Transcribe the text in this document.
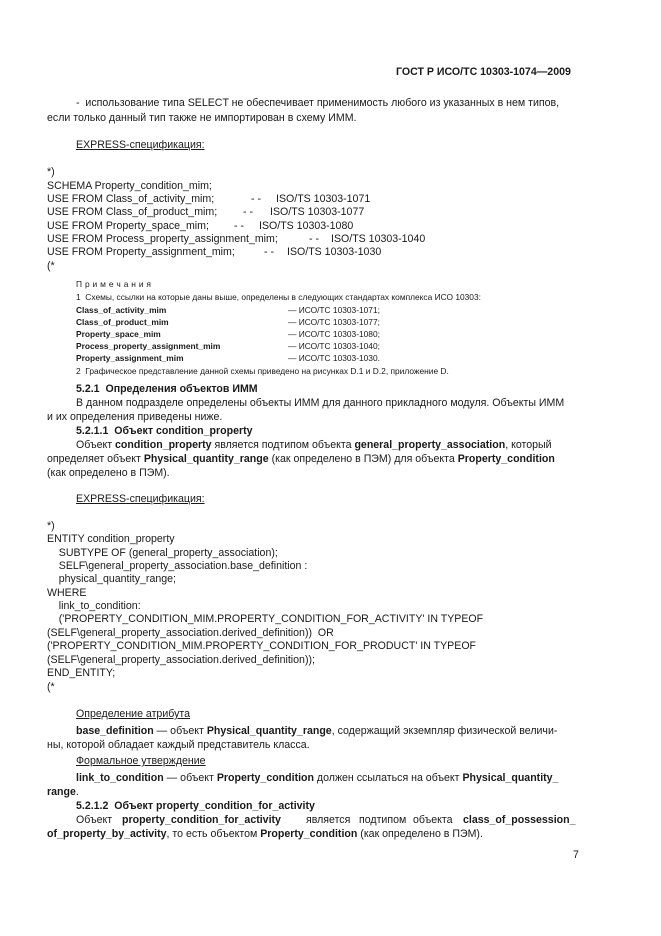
ГОСТ Р ИСО/ТС 10303-1074—2009
-  использование типа SELECT не обеспечивает применимость любого из указанных в нем типов,
если только данный тип также не импортирован в схему ИММ.
EXPRESS-спецификация:
*)
SCHEMA Property_condition_mim;
USE FROM Class_of_activity_mim;	- - ISO/TS 10303-1071
USE FROM Class_of_product_mim; - - ISO/TS 10303-1077
USE FROM Property_space_mim; - - ISO/TS 10303-1080
USE FROM Process_property_assignment_mim;	- - ISO/TS 10303-1040
USE FROM Property_assignment_mim;	- - ISO/TS 10303-1030
(*
П р и м е ч а н и я
1  Схемы, ссылки на которые даны выше, определены в следующих стандартах комплекса ИСО 10303:
Class_of_activity_mim	— ИСО/ТС 10303-1071;
Class_of_product_mim	— ИСО/ТС 10303-1077;
Property_space_mim	— ИСО/ТС 10303-1080;
Process_property_assignment_mim	— ИСО/ТС 10303-1040;
Property_assignment_mim	— ИСО/ТС 10303-1030.
2  Графическое представление данной схемы приведено на рисунках D.1 и D.2, приложение D.
5.2.1  Определения объектов ИММ
В данном подразделе определены объекты ИММ для данного прикладного модуля. Объекты ИММ
и их определения приведены ниже.
5.2.1.1  Объект condition_property
Объект condition_property является подтипом объекта general_property_association, который
определяет объект Physical_quantity_range (как определено в ПЭМ) для объекта Property_condition
(как определено в ПЭМ).
EXPRESS-спецификация:
*)
ENTITY condition_property
SUBTYPE OF (general_property_association);
SELF\general_property_association.base_definition :
physical_quantity_range;
WHERE
link_to_condition:
('PROPERTY_CONDITION_MIM.PROPERTY_CONDITION_FOR_ACTIVITY' IN TYPEOF
(SELF\general_property_association.derived_definition))  OR
('PROPERTY_CONDITION_MIM.PROPERTY_CONDITION_FOR_PRODUCT' IN TYPEOF
(SELF\general_property_association.derived_definition));
END_ENTITY;
(*
Определение атрибута
base_definition — объект Physical_quantity_range, содержащий экземпляр физической величи-
ны, которой обладает каждый представитель класса.
Формальное утверждение
link_to_condition — объект Property_condition должен ссылаться на объект Physical_quantity_
range.
5.2.1.2  Объект property_condition_for_activity
Объект property_condition_for_activity является подтипом объекта class_of_possession_
of_property_by_activity, то есть объектом Property_condition (как определено в ПЭМ).
7
